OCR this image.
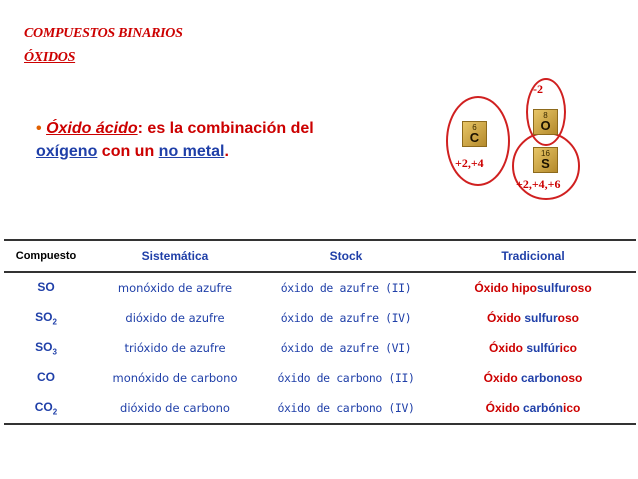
COMPUESTOS BINARIOS
ÓXIDOS
• Óxido ácido: es la combinación del oxígeno con un no metal.
6
C
8
O
16
S
+2,+4
-2
+2,+4,+6
Compuesto	Sistemática	Stock	Tradicional
SO	monóxido de azufre	óxido de azufre (II)	Óxido hiposulfuroso
$SO_2$	dióxido de azufre	óxido de azufre (IV)	Óxido sulfuroso
$SO_3$	trióxido de azufre	óxido de azufre (VI)	Óxido sulfúrico
CO	monóxido de carbono	óxido de carbono (II)	Óxido carbonoso
$CO_2$	dióxido de carbono	óxido de carbono (IV)	Óxido carbónico
